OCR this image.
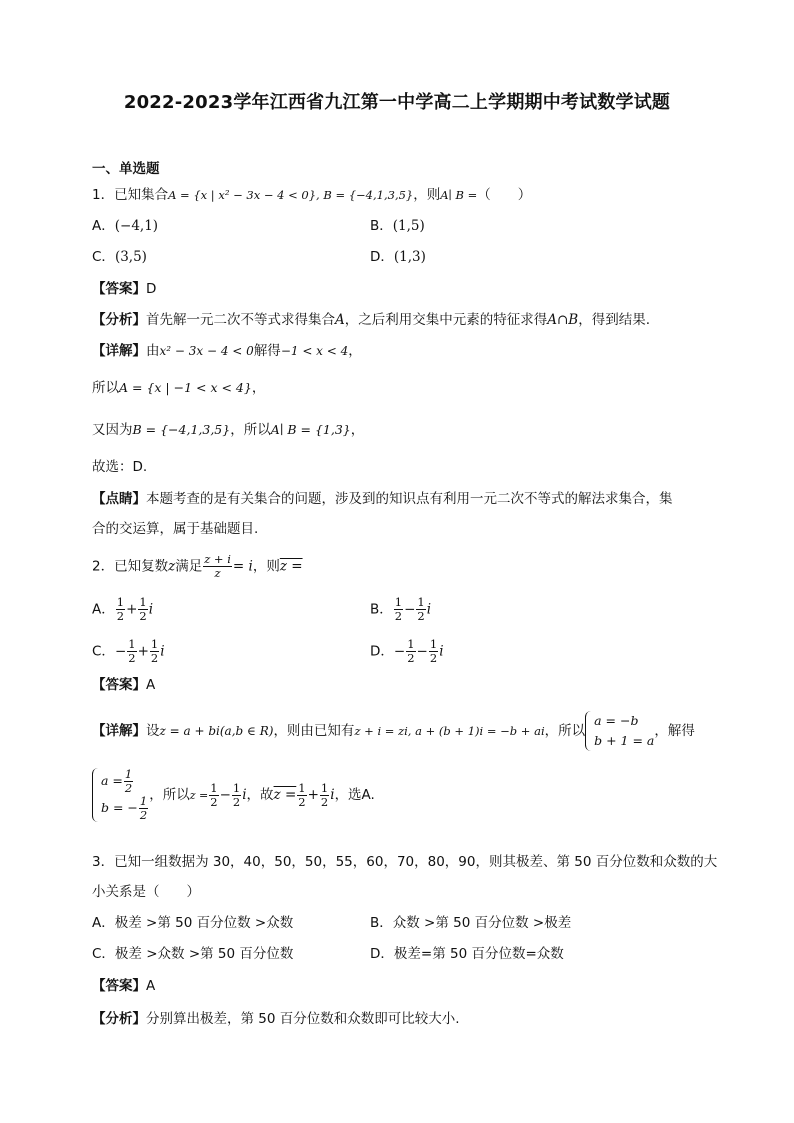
2022-2023学年江西省九江第一中学高二上学期期中考试数学试题
一、单选题
1．已知集合A = {x | x² − 3x − 4 < 0}, B = {−4,1,3,5}，则A∣ B =（　　）
A．(−4,1)	B．(1,5)
C．(3,5)	D．(1,3)
【答案】D
【分析】首先解一元二次不等式求得集合A，之后利用交集中元素的特征求得A∩B，得到结果.
【详解】由x² − 3x − 4 < 0解得−1 < x < 4，
所以A = {x | −1 < x < 4}，
又因为B = {−4,1,3,5}，所以A∣ B = {1,3}，
故选：D.
【点睛】本题考查的是有关集合的问题，涉及到的知识点有利用一元二次不等式的解法求集合，集
合的交运算，属于基础题目.
2．已知复数z满足 $\frac{z + i}{z} = i$，则z =
A． $\frac{1}{2} + \frac{1}{2}$ i	B． $\frac{1}{2} - \frac{1}{2}$ i
C．− $\frac{1}{2} + \frac{1}{2}$ i	D．− $\frac{1}{2} - \frac{1}{2}$ i
【答案】A
【详解】设z = a + bi(a,b ∈ R)，则由已知有z + i = zi, a + (b + 1)i = −b + ai，所以
a = −b
b + 1 = a
，解得
$a = \frac{1}{2}$
b = − $\frac{1}{2}$ ，所以$z = \frac{1}{2} - \frac{1}{2}$ i，故$z = \frac{1}{2} + \frac{1}{2}$ i，选A.
3．已知一组数据为 30，40，50，50，55，60，70，80，90，则其极差、第 50 百分位数和众数的大
小关系是（　　）
A．极差 >第 50 百分位数 >众数	B．众数 >第 50 百分位数 >极差
C．极差 >众数 >第 50 百分位数	D．极差=第 50 百分位数=众数
【答案】A
【分析】分别算出极差，第 50 百分位数和众数即可比较大小.
